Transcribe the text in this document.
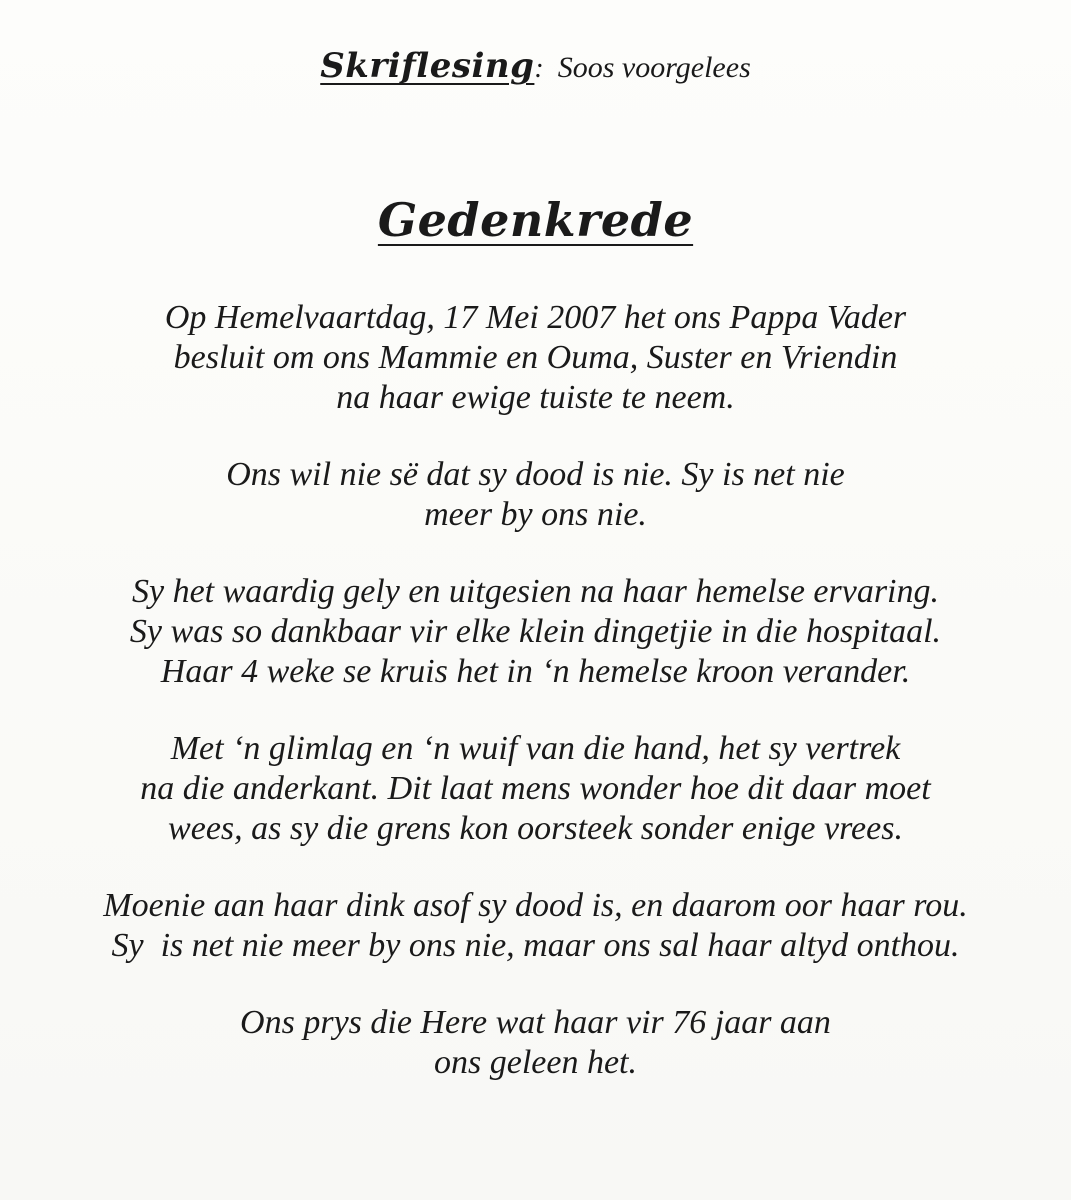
Skriflesing: Soos voorgelees
Gedenkrede
Op Hemelvaartdag, 17 Mei 2007 het ons Pappa Vader
besluit om ons Mammie en Ouma, Suster en Vriendin
na haar ewige tuiste te neem.
Ons wil nie së dat sy dood is nie. Sy is net nie
meer by ons nie.
Sy het waardig gely en uitgesien na haar hemelse ervaring.
Sy was so dankbaar vir elke klein dingetjie in die hospitaal.
Haar 4 weke se kruis het in ‘n hemelse kroon verander.
Met ‘n glimlag en ‘n wuif van die hand, het sy vertrek
na die anderkant. Dit laat mens wonder hoe dit daar moet
wees, as sy die grens kon oorsteek sonder enige vrees.
Moenie aan haar dink asof sy dood is, en daarom oor haar rou.
Sy  is net nie meer by ons nie, maar ons sal haar altyd onthou.
Ons prys die Here wat haar vir 76 jaar aan
ons geleen het.
